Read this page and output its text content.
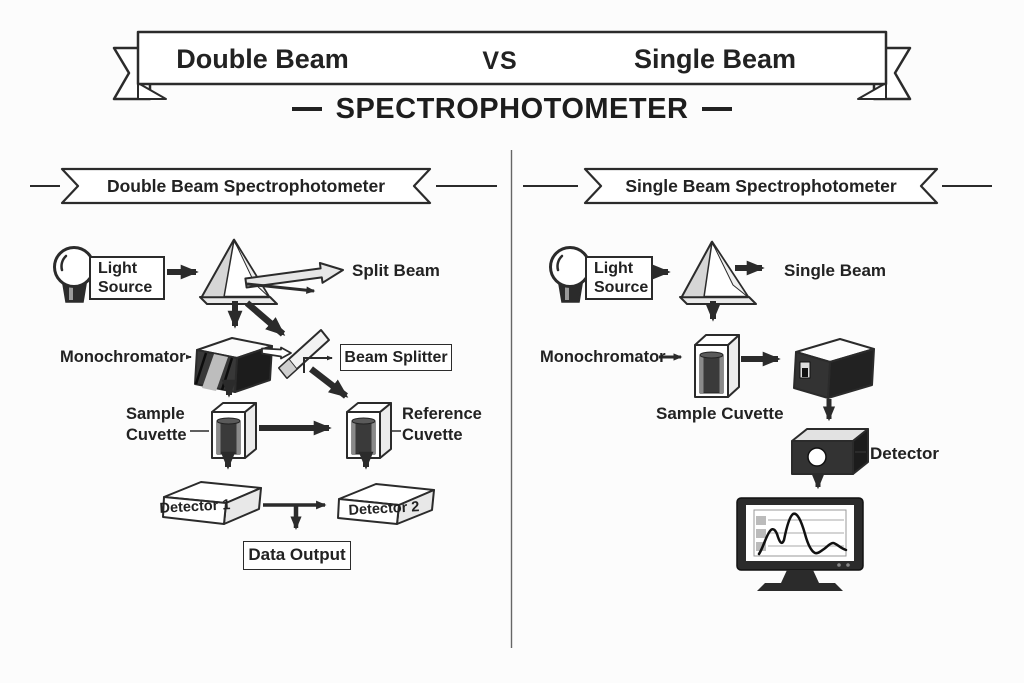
Double Beam	VS	Single Beam
SPECTROPHOTOMETER
Double Beam Spectrophotometer	Single Beam Spectrophotometer
Light Source
Split Beam
Monochromator	Beam Splitter
Sample Cuvette
Reference Cuvette
Detector 1	Detector 2
Data Output
Light Source
Single Beam
Monochromator
Sample Cuvette
Detector
